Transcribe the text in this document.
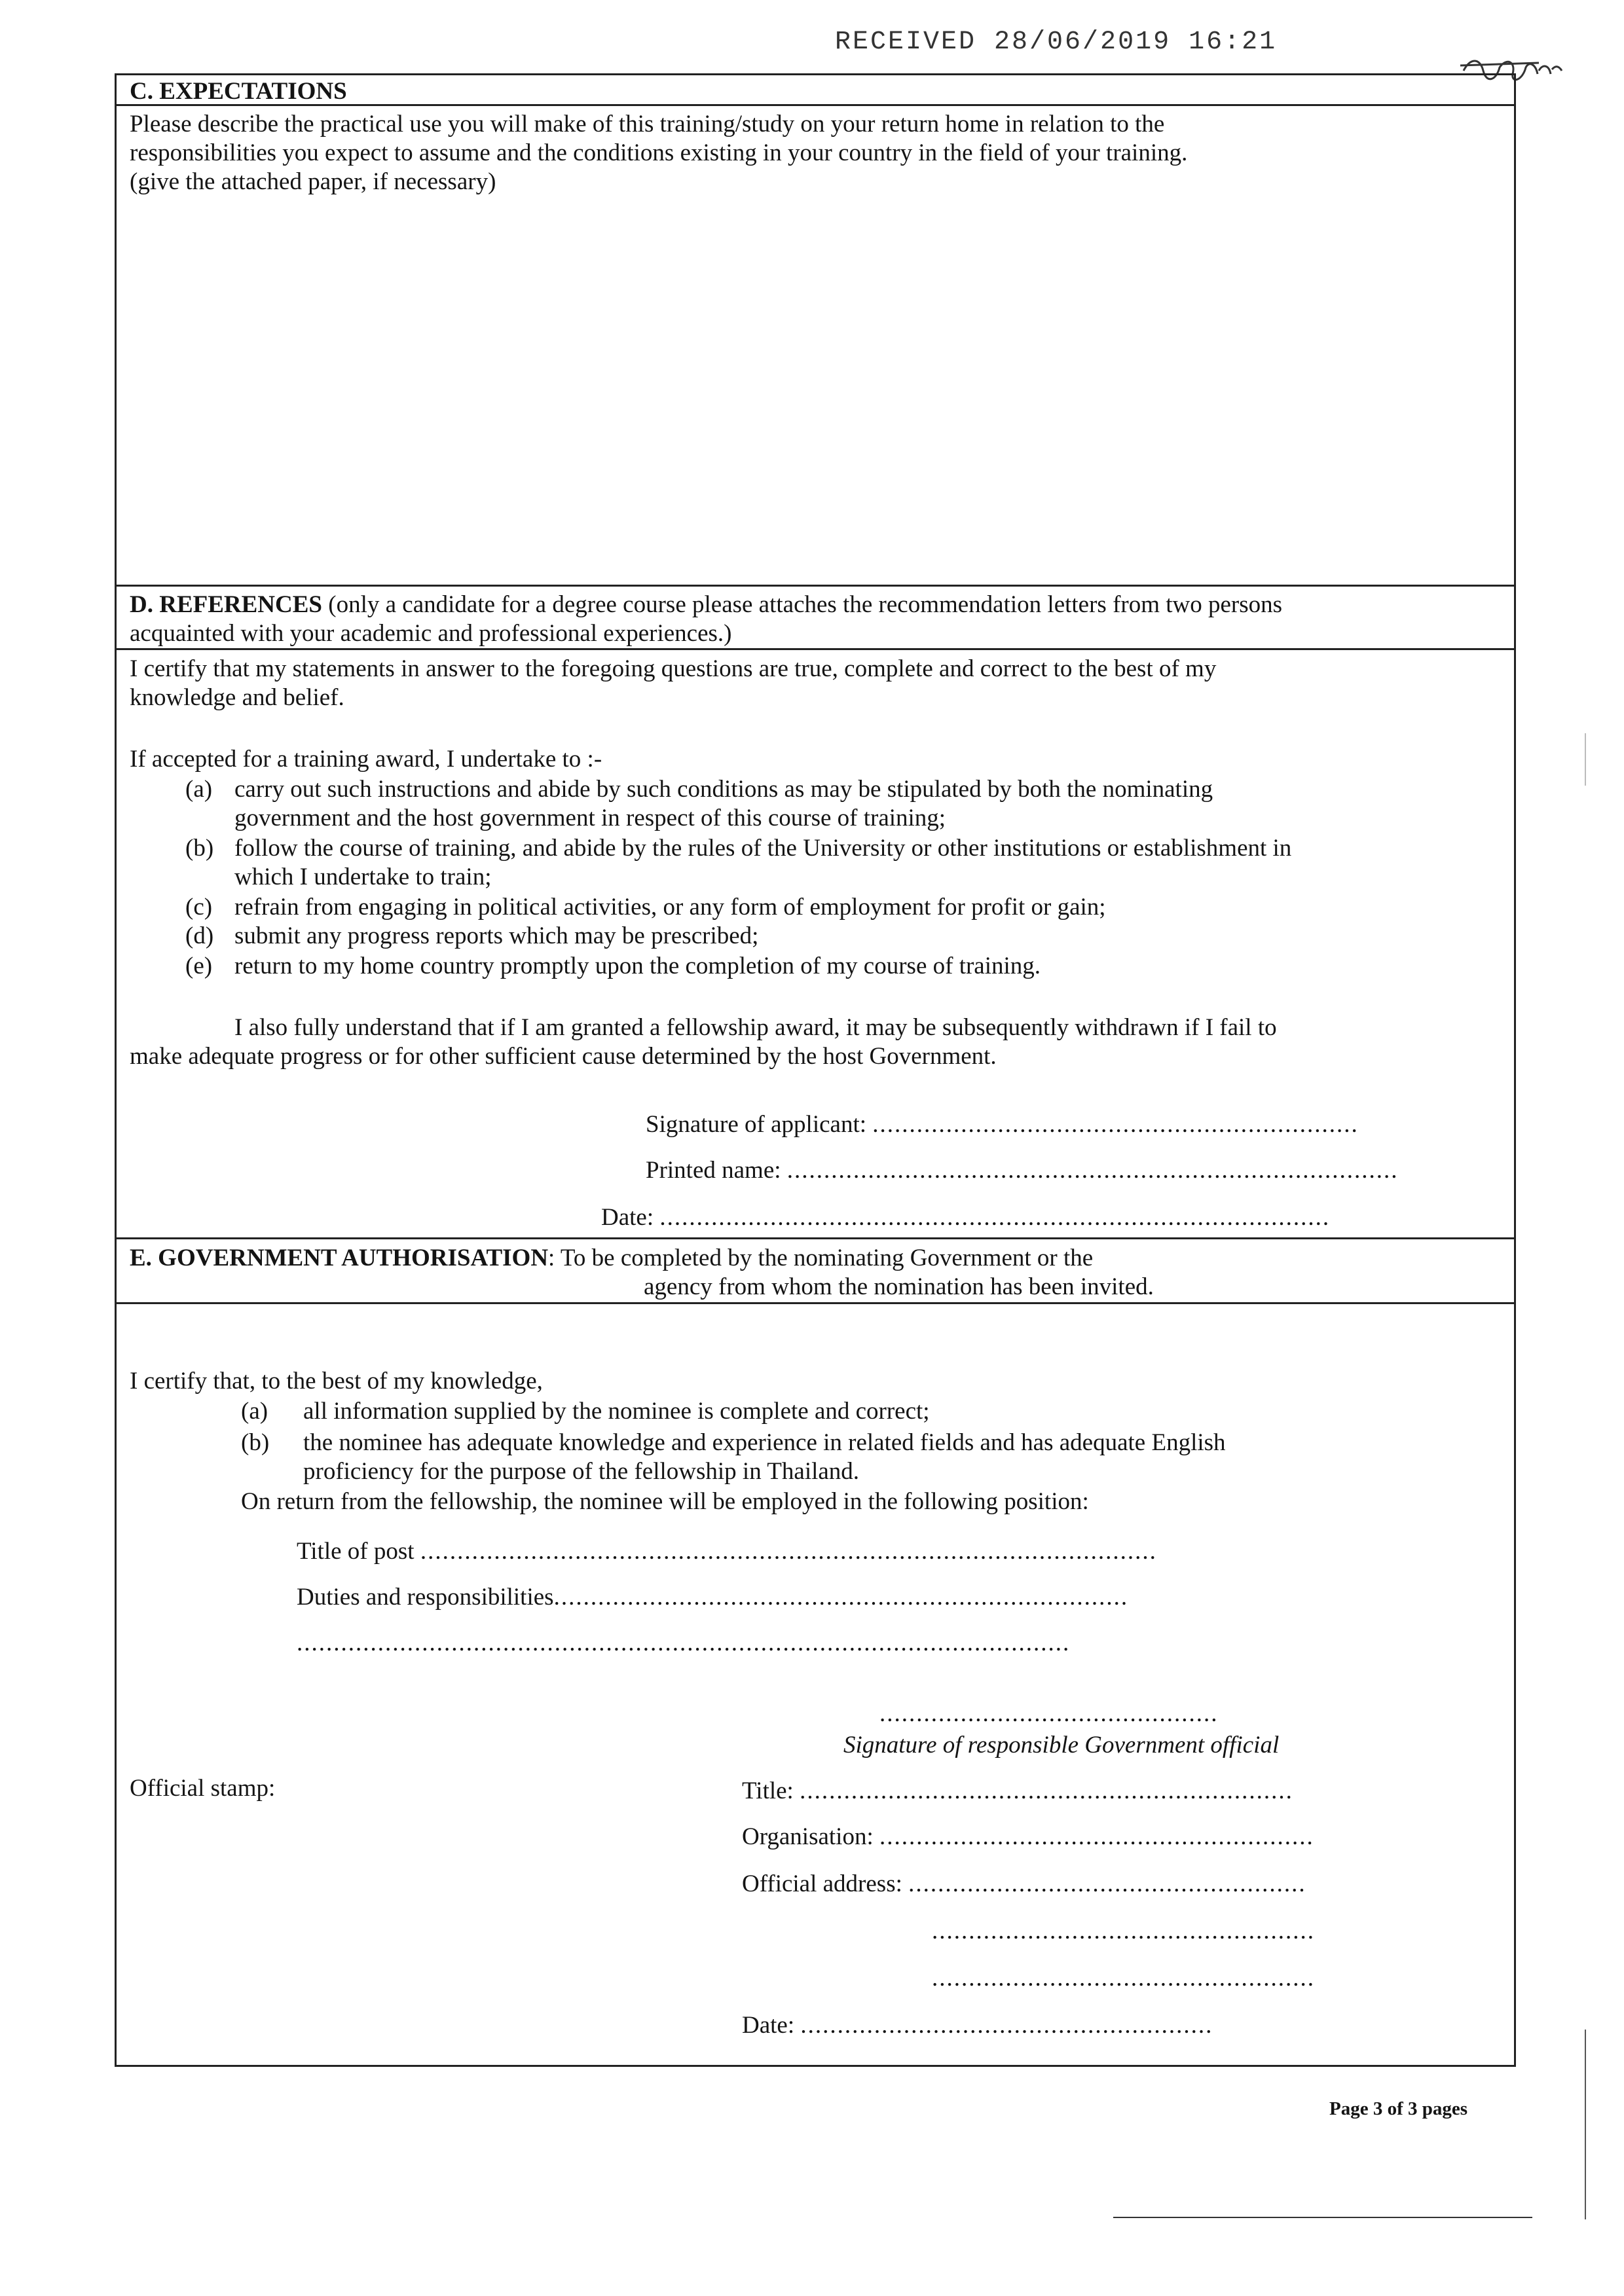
RECEIVED 28/06/2019 16:21
C. EXPECTATIONS
Please describe the practical use you will make of this training/study on your return home in relation to the
responsibilities you expect to assume and the conditions existing in your country in the field of your training.
(give the attached paper, if necessary)
D. REFERENCES (only a candidate for a degree course please attaches the recommendation letters from two persons
acquainted with your academic and professional experiences.)
I certify that my statements in answer to the foregoing questions are true, complete and correct to the best of my
knowledge and belief.
If accepted for a training award, I undertake to :-
(a) carry out such instructions and abide by such conditions as may be stipulated by both the nominating
government and the host government in respect of this course of training;
(b) follow the course of training, and abide by the rules of the University or other institutions or establishment in
which I undertake to train;
(c) refrain from engaging in political activities, or any form of employment for profit or gain;
(d) submit any progress reports which may be prescribed;
(e) return to my home country promptly upon the completion of my course of training.
I also fully understand that if I am granted a fellowship award, it may be subsequently withdrawn if I fail to
make adequate progress or for other sufficient cause determined by the host Government.
Signature of applicant: ..................................................................
Printed name: ...................................................................................
Date: ...........................................................................................
E. GOVERNMENT AUTHORISATION: To be completed by the nominating Government or the
agency from whom the nomination has been invited.
I certify that, to the best of my knowledge,
(a) all information supplied by the nominee is complete and correct;
(b) the nominee has adequate knowledge and experience in related fields and has adequate English
proficiency for the purpose of the fellowship in Thailand.
On return from the fellowship, the nominee will be employed in the following position:
Title of post ....................................................................................................
Duties and responsibilities..............................................................................
.........................................................................................................
..............................................
Signature of responsible Government official
Official stamp:	Title: ...................................................................
Organisation: ...........................................................
Official address: ......................................................
....................................................
....................................................
Date: ........................................................
Page 3 of 3 pages
